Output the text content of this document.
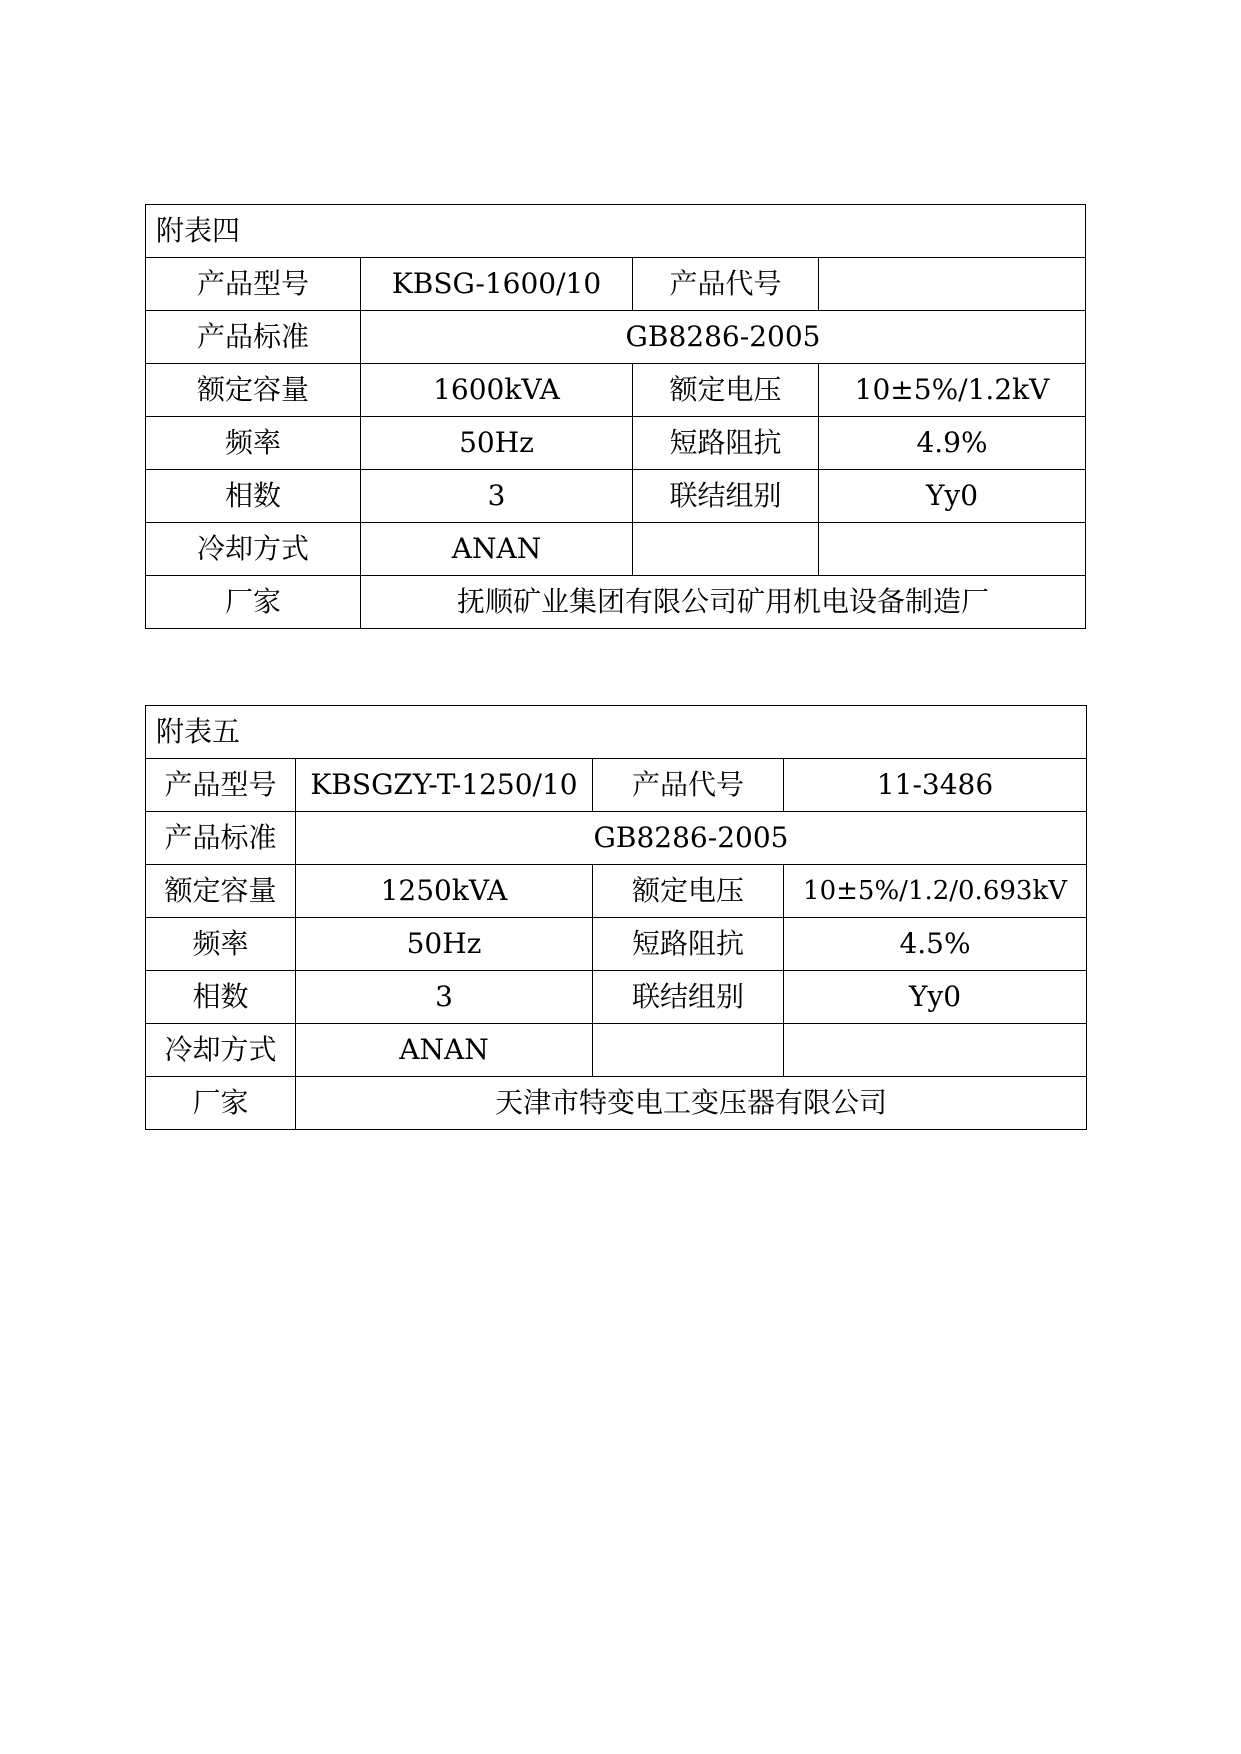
附表四			
产品型号	KBSG-1600/10	产品代号	
产品标准	GB8286-2005		
额定容量	1600kVA	额定电压	10±5%/1.2kV
频率	50Hz	短路阻抗	4.9%
相数	3	联结组别	Yy0
冷却方式	ANAN		
厂家	抚顺矿业集团有限公司矿用机电设备制造厂		
附表五			
产品型号	KBSGZY-T-1250/10	产品代号	11-3486
产品标准	GB8286-2005		
额定容量	1250kVA	额定电压	10±5%/1.2/0.693kV
频率	50Hz	短路阻抗	4.5%
相数	3	联结组别	Yy0
冷却方式	ANAN		
厂家	天津市特变电工变压器有限公司		
